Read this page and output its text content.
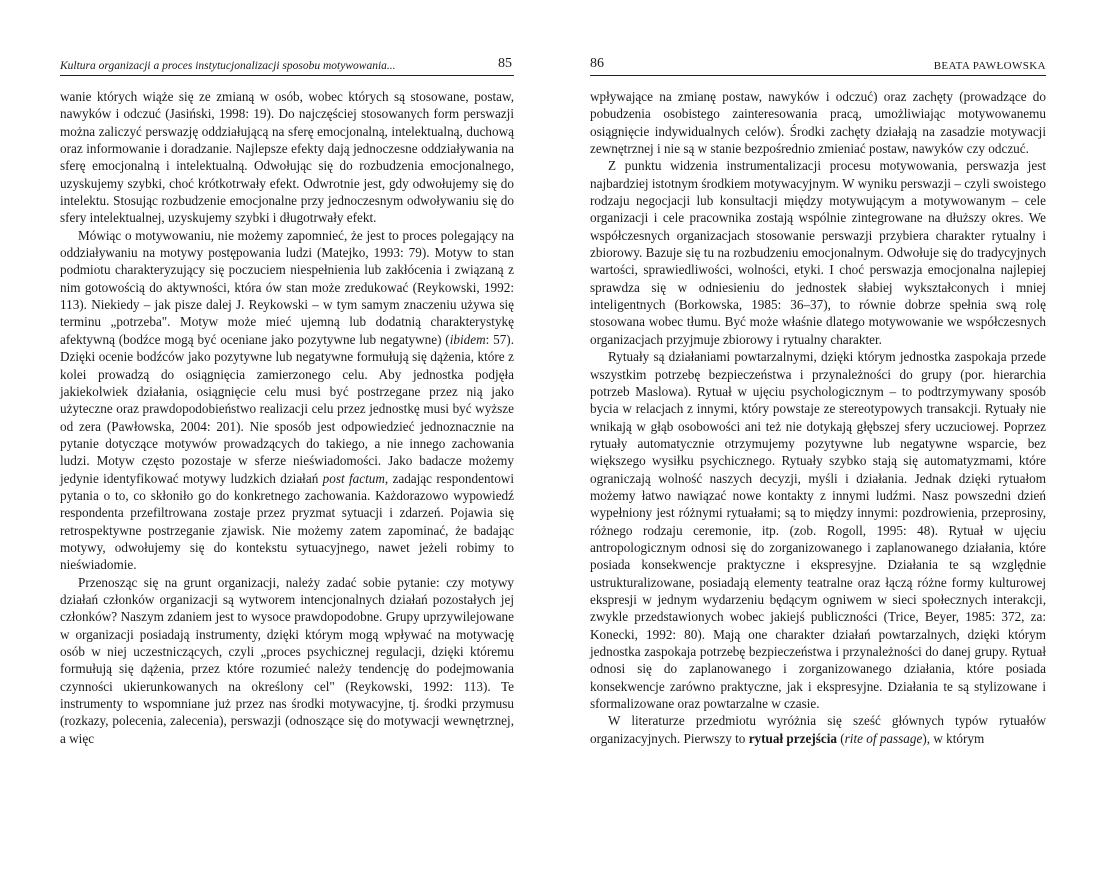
Kultura organizacji a proces instytucjonalizacji sposobu motywowania...	85

wanie których wiąże się ze zmianą w osób, wobec których są stosowane, postaw, nawyków i odczuć (Jasiński, 1998: 19). Do najczęściej stosowanych form perswazji można zaliczyć perswazję oddziałującą na sferę emocjonalną, intelektualną, duchową oraz informowanie i doradzanie. Najlepsze efekty dają jednoczesne oddziaływania na sferę emocjonalną i intelektualną. Odwołując się do rozbudzenia emocjonalnego, uzyskujemy szybki, choć krótkotrwały efekt. Odwrotnie jest, gdy odwołujemy się do intelektu. Stosując rozbudzenie emocjonalne przy jednoczesnym odwoływaniu się do sfery intelektualnej, uzyskujemy szybki i długotrwały efekt.

Mówiąc o motywowaniu, nie możemy zapomnieć, że jest to proces polegający na oddziaływaniu na motywy postępowania ludzi (Matejko, 1993: 79). Motyw to stan podmiotu charakteryzujący się poczuciem niespełnienia lub zakłócenia i związaną z nim gotowością do aktywności, która ów stan może zredukować (Reykowski, 1992: 113). Niekiedy – jak pisze dalej J. Reykowski – w tym samym znaczeniu używa się terminu „potrzeba". Motyw może mieć ujemną lub dodatnią charakterystykę afektywną (bodźce mogą być oceniane jako pozytywne lub negatywne) (ibidem: 57). Dzięki ocenie bodźców jako pozytywne lub negatywne formułują się dążenia, które z kolei prowadzą do osiągnięcia zamierzonego celu. Aby jednostka podjęła jakiekolwiek działania, osiągnięcie celu musi być postrzegane przez nią jako użyteczne oraz prawdopodobieństwo realizacji celu przez jednostkę musi być wyższe od zera (Pawłowska, 2004: 201). Nie sposób jest odpowiedzieć jednoznacznie na pytanie dotyczące motywów prowadzących do takiego, a nie innego zachowania ludzi. Motyw często pozostaje w sferze nieświadomości. Jako badacze możemy jedynie identyfikować motywy ludzkich działań post factum, zadając respondentowi pytania o to, co skłoniło go do konkretnego zachowania. Każdorazowo wypowiedź respondenta przefiltrowana zostaje przez pryzmat sytuacji i zdarzeń. Pojawia się retrospektywne postrzeganie zjawisk. Nie możemy zatem zapominać, że badając motywy, odwołujemy się do kontekstu sytuacyjnego, nawet jeżeli robimy to nieświadomie.

Przenosząc się na grunt organizacji, należy zadać sobie pytanie: czy motywy działań członków organizacji są wytworem intencjonalnych działań pozostałych jej członków? Naszym zdaniem jest to wysoce prawdopodobne. Grupy uprzywilejowane w organizacji posiadają instrumenty, dzięki którym mogą wpływać na motywację osób w niej uczestniczących, czyli „proces psychicznej regulacji, dzięki któremu formułują się dążenia, przez które rozumieć należy tendencję do podejmowania czynności ukierunkowanych na określony cel" (Reykowski, 1992: 113). Te instrumenty to wspomniane już przez nas środki motywacyjne, tj. środki przymusu (rozkazy, polecenia, zalecenia), perswazji (odnoszące się do motywacji wewnętrznej, a więc

86	BEATA PAWŁOWSKA

wpływające na zmianę postaw, nawyków i odczuć) oraz zachęty (prowadzące do pobudzenia osobistego zainteresowania pracą, umożliwiając motywowanemu osiągnięcie indywidualnych celów). Środki zachęty działają na zasadzie motywacji zewnętrznej i nie są w stanie bezpośrednio zmieniać postaw, nawyków czy odczuć.

Z punktu widzenia instrumentalizacji procesu motywowania, perswazja jest najbardziej istotnym środkiem motywacyjnym. W wyniku perswazji – czyli swoistego rodzaju negocjacji lub konsultacji między motywującym a motywowanym – cele organizacji i cele pracownika zostają wspólnie zintegrowane na dłuższy okres. We współczesnych organizacjach stosowanie perswazji przybiera charakter rytualny i zbiorowy. Bazuje się tu na rozbudzeniu emocjonalnym. Odwołuje się do tradycyjnych wartości, sprawiedliwości, wolności, etyki. I choć perswazja emocjonalna najlepiej sprawdza się w odniesieniu do jednostek słabiej wykształconych i mniej inteligentnych (Borkowska, 1985: 36–37), to równie dobrze spełnia swą rolę stosowana wobec tłumu. Być może właśnie dlatego motywowanie we współczesnych organizacjach przyjmuje zbiorowy i rytualny charakter.

Rytuały są działaniami powtarzalnymi, dzięki którym jednostka zaspokaja przede wszystkim potrzebę bezpieczeństwa i przynależności do grupy (por. hierarchia potrzeb Maslowa). Rytuał w ujęciu psychologicznym – to podtrzymywany sposób bycia w relacjach z innymi, który powstaje ze stereotypowych transakcji. Rytuały nie wnikają w głąb osobowości ani też nie dotykają głębszej sfery uczuciowej. Poprzez rytuały automatycznie otrzymujemy pozytywne lub negatywne wsparcie, bez większego wysiłku psychicznego. Rytuały szybko stają się automatyzmami, które ograniczają wolność naszych decyzji, myśli i działania. Jednak dzięki rytuałom możemy łatwo nawiązać nowe kontakty z innymi ludźmi. Nasz powszedni dzień wypełniony jest różnymi rytuałami; są to między innymi: pozdrowienia, przeprosiny, różnego rodzaju ceremonie, itp. (zob. Rogoll, 1995: 48). Rytuał w ujęciu antropologicznym odnosi się do zorganizowanego i zaplanowanego działania, które posiada konsekwencje praktyczne i ekspresyjne. Działania te są względnie ustrukturalizowane, posiadają elementy teatralne oraz łączą różne formy kulturowej ekspresji w jednym wydarzeniu będącym ogniwem w sieci społecznych interakcji, zwykle przedstawionych wobec jakiejś publiczności (Trice, Beyer, 1985: 372, za: Konecki, 1992: 80). Mają one charakter działań powtarzalnych, dzięki którym jednostka zaspokaja potrzebę bezpieczeństwa i przynależności do danej grupy. Rytuał odnosi się do zaplanowanego i zorganizowanego działania, które posiada konsekwencje zarówno praktyczne, jak i ekspresyjne. Działania te są stylizowane i sformalizowane oraz powtarzalne w czasie.

W literaturze przedmiotu wyróżnia się sześć głównych typów rytuałów organizacyjnych. Pierwszy to rytuał przejścia (rite of passage), w którym
